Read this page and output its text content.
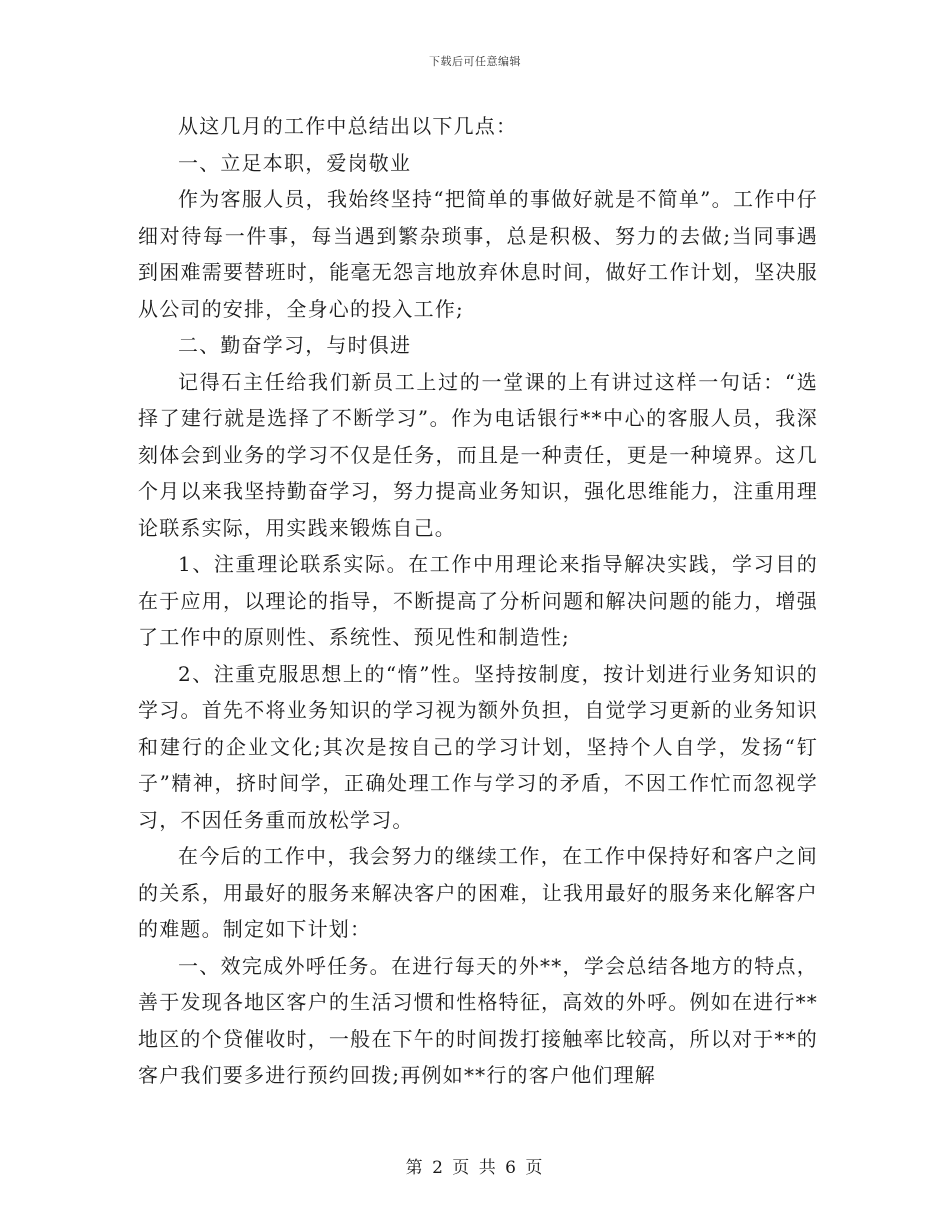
下载后可任意编辑

从这几月的工作中总结出以下几点：

一、立足本职，爱岗敬业

作为客服人员，我始终坚持“把简单的事做好就是不简单”。工作中仔细对待每一件事，每当遇到繁杂琐事，总是积极、努力的去做;当同事遇到困难需要替班时，能毫无怨言地放弃休息时间，做好工作计划，坚决服从公司的安排，全身心的投入工作;

二、勤奋学习，与时俱进

记得石主任给我们新员工上过的一堂课的上有讲过这样一句话：“选择了建行就是选择了不断学习”。作为电话银行**中心的客服人员，我深刻体会到业务的学习不仅是任务，而且是一种责任，更是一种境界。这几个月以来我坚持勤奋学习，努力提高业务知识，强化思维能力，注重用理论联系实际，用实践来锻炼自己。

1、注重理论联系实际。在工作中用理论来指导解决实践，学习目的在于应用，以理论的指导，不断提高了分析问题和解决问题的能力，增强了工作中的原则性、系统性、预见性和制造性;

2、注重克服思想上的“惰”性。坚持按制度，按计划进行业务知识的学习。首先不将业务知识的学习视为额外负担，自觉学习更新的业务知识和建行的企业文化;其次是按自己的学习计划，坚持个人自学，发扬“钉子”精神，挤时间学，正确处理工作与学习的矛盾，不因工作忙而忽视学习，不因任务重而放松学习。

在今后的工作中，我会努力的继续工作，在工作中保持好和客户之间的关系，用最好的服务来解决客户的困难，让我用最好的服务来化解客户的难题。制定如下计划：

一、效完成外呼任务。在进行每天的外**，学会总结各地方的特点，善于发现各地区客户的生活习惯和性格特征，高效的外呼。例如在进行**地区的个贷催收时，一般在下午的时间拨打接触率比较高，所以对于**的客户我们要多进行预约回拨;再例如**行的客户他们理解

第 2 页 共 6 页
